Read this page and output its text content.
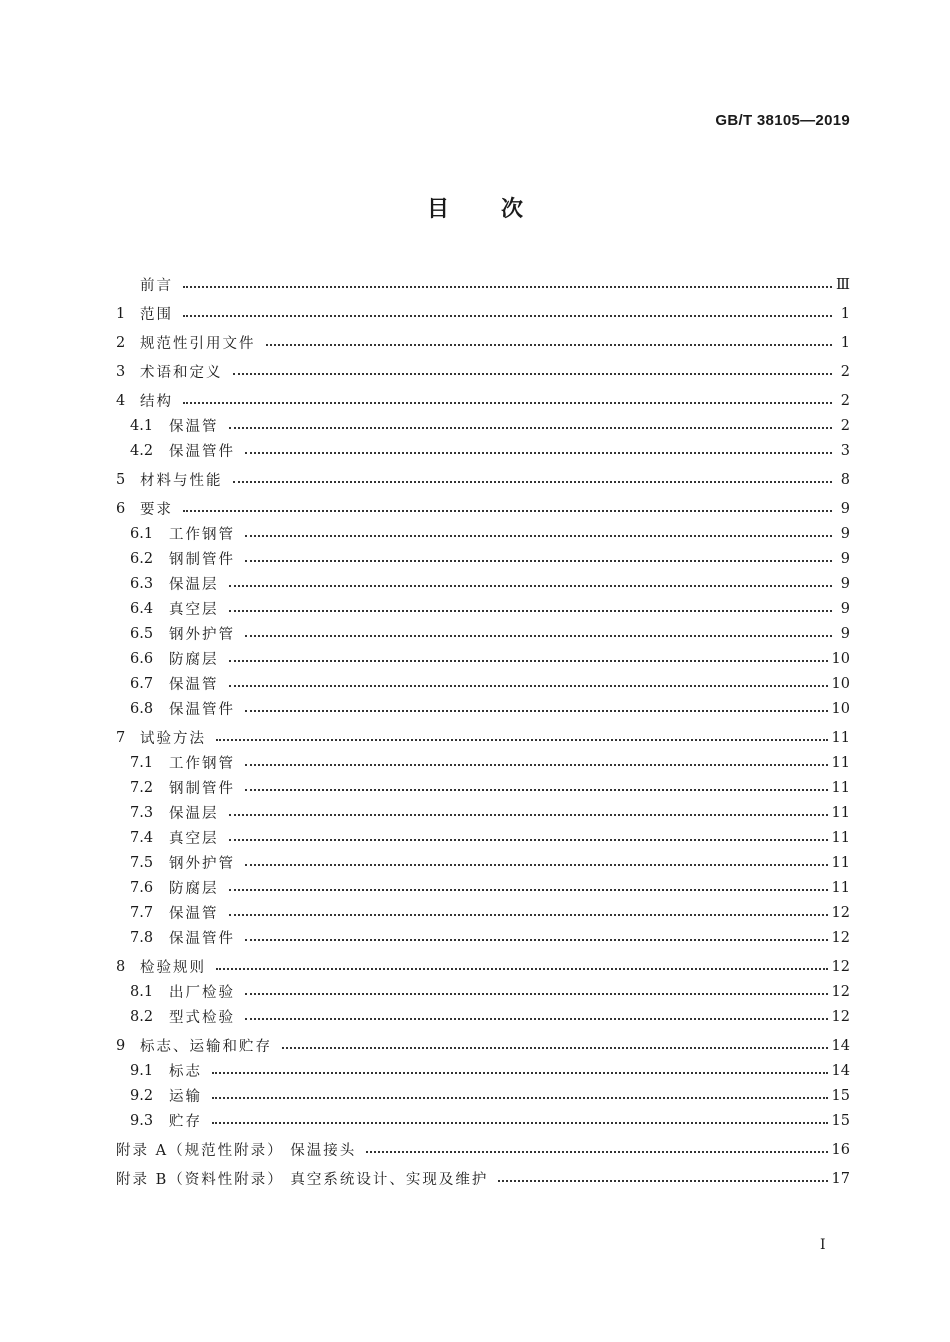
GB/T 38105—2019
目 次
前言	Ⅲ
1	范围	1
2	规范性引用文件	1
3	术语和定义	2
4	结构	2
4.1	保温管	2
4.2	保温管件	3
5	材料与性能	8
6	要求	9
6.1	工作钢管	9
6.2	钢制管件	9
6.3	保温层	9
6.4	真空层	9
6.5	钢外护管	9
6.6	防腐层	10
6.7	保温管	10
6.8	保温管件	10
7	试验方法	11
7.1	工作钢管	11
7.2	钢制管件	11
7.3	保温层	11
7.4	真空层	11
7.5	钢外护管	11
7.6	防腐层	11
7.7	保温管	12
7.8	保温管件	12
8	检验规则	12
8.1	出厂检验	12
8.2	型式检验	12
9	标志、运输和贮存	14
9.1	标志	14
9.2	运输	15
9.3	贮存	15
附录 A（规范性附录） 保温接头	16
附录 B（资料性附录） 真空系统设计、实现及维护	17
I
